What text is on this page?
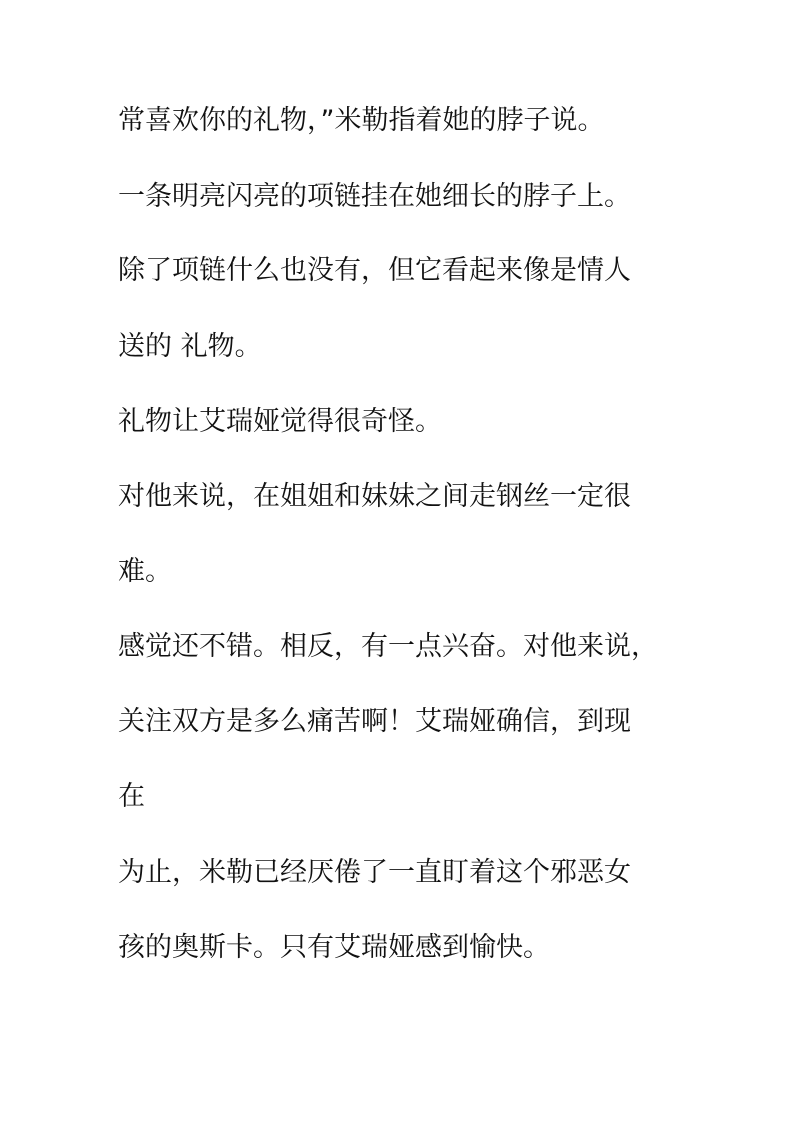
常喜欢你的礼物，”米勒指着她的脖子说。

一条明亮闪亮的项链挂在她细长的脖子上。

除了项链什么也没有，但它看起来像是情人

送的 礼物。

礼物让艾瑞娅觉得很奇怪。

对他来说，在姐姐和妹妹之间走钢丝一定很

难。

感觉还不错。相反，有一点兴奋。对他来说，

关注双方是多么痛苦啊！艾瑞娅确信，到现

在

为止，米勒已经厌倦了一直盯着这个邪恶女

孩的奥斯卡。只有艾瑞娅感到愉快。
